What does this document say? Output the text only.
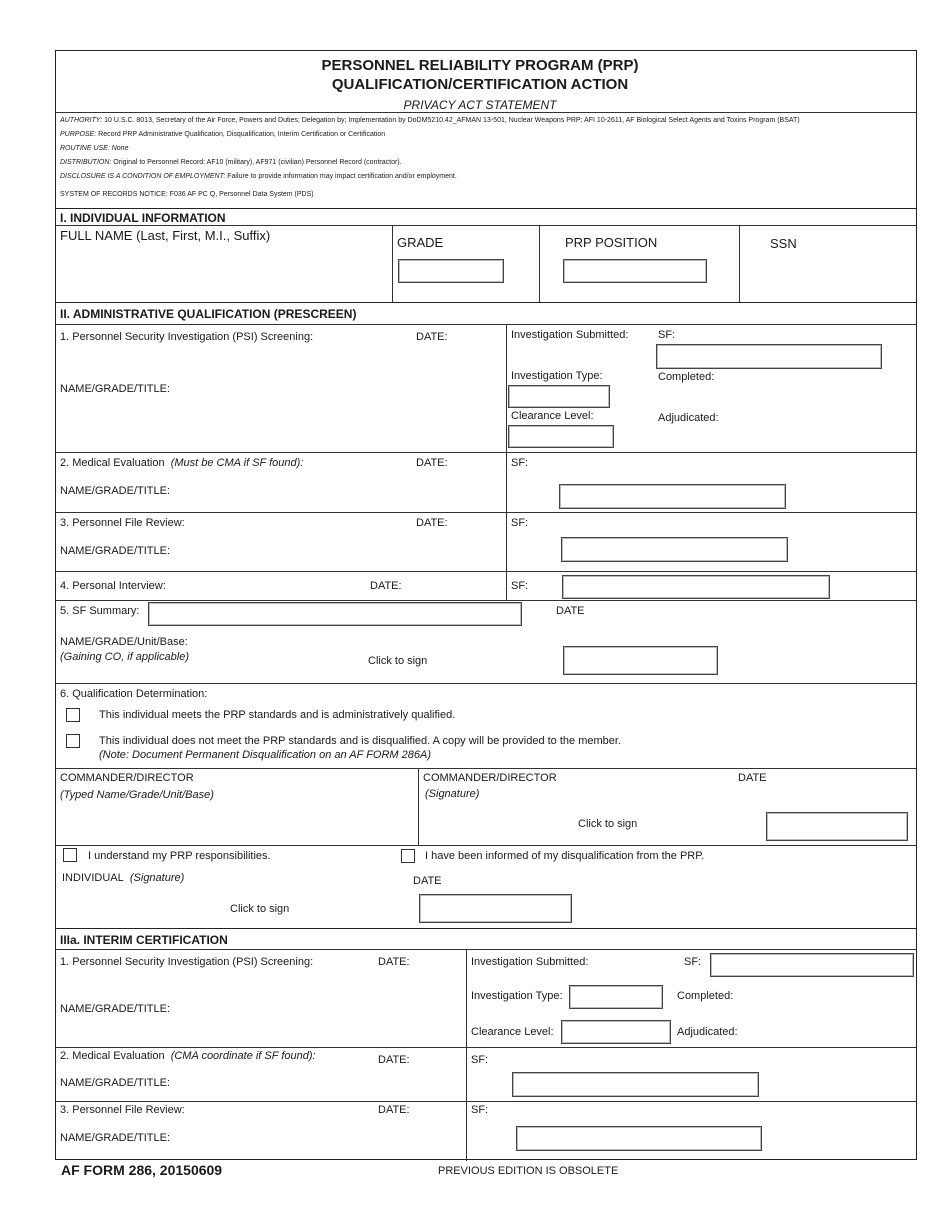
PERSONNEL RELIABILITY PROGRAM (PRP)
QUALIFICATION/CERTIFICATION ACTION
PRIVACY ACT STATEMENT
AUTHORITY: 10 U.S.C. 8013, Secretary of the Air Force, Powers and Duties; Delegation by; Implementation by DoDM5210.42_AFMAN 13-501, Nuclear Weapons PRP; AFI 10-2611, AF Biological Select Agents and Toxins Program (BSAT)
PURPOSE: Record PRP Administrative Qualification, Disqualification, Interim Certification or Certification
ROUTINE USE: None
DISTRIBUTION: Original to Personnel Record: AF10 (military), AF971 (civilian) Personnel Record (contractor).
DISCLOSURE IS A CONDITION OF EMPLOYMENT: Failure to provide information may impact certification and/or employment.
SYSTEM OF RECORDS NOTICE: F036 AF PC Q, Personnel Data System (PDS)
I. INDIVIDUAL INFORMATION
FULL NAME (Last, First, M.I., Suffix)	GRADE	PRP POSITION	SSN
II. ADMINISTRATIVE QUALIFICATION (PRESCREEN)
1. Personnel Security Investigation (PSI) Screening:	DATE:
NAME/GRADE/TITLE:
Investigation Submitted:	SF:
Investigation Type:	Completed:
Clearance Level:	Adjudicated:
2. Medical Evaluation (Must be CMA if SF found):	DATE:	SF:
NAME/GRADE/TITLE:
3. Personnel File Review:	DATE:	SF:
NAME/GRADE/TITLE:
4. Personal Interview:	DATE:	SF:
5. SF Summary:	DATE
NAME/GRADE/Unit/Base:
(Gaining CO, if applicable)	Click to sign
6. Qualification Determination:
This individual meets the PRP standards and is administratively qualified.
This individual does not meet the PRP standards and is disqualified. A copy will be provided to the member.
(Note: Document Permanent Disqualification on an AF FORM 286A)
COMMANDER/DIRECTOR
(Typed Name/Grade/Unit/Base)
COMMANDER/DIRECTOR
(Signature)
DATE
Click to sign
I understand my PRP responsibilities.	I have been informed of my disqualification from the PRP.
INDIVIDUAL (Signature)	DATE
Click to sign
IIIa. INTERIM CERTIFICATION
1. Personnel Security Investigation (PSI) Screening:	DATE:
NAME/GRADE/TITLE:
Investigation Submitted:	SF:
Investigation Type:	Completed:
Clearance Level:	Adjudicated:
2. Medical Evaluation (CMA coordinate if SF found):	DATE:	SF:
NAME/GRADE/TITLE:
3. Personnel File Review:	DATE:	SF:
NAME/GRADE/TITLE:
AF FORM 286, 20150609	PREVIOUS EDITION IS OBSOLETE
